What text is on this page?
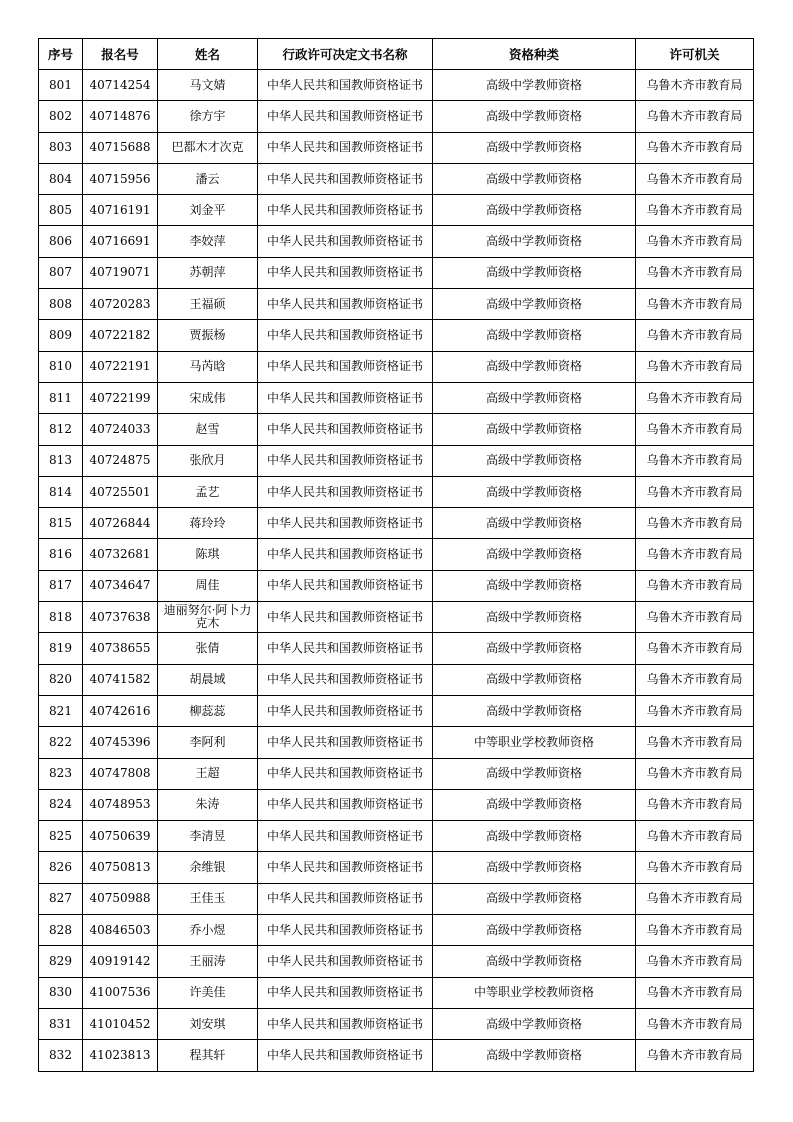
序号	报名号	姓名	行政许可决定文书名称	资格种类	许可机关
801	40714254	马文婧	中华人民共和国教师资格证书	高级中学教师资格	乌鲁木齐市教育局
802	40714876	徐方宇	中华人民共和国教师资格证书	高级中学教师资格	乌鲁木齐市教育局
803	40715688	巴都木才次克	中华人民共和国教师资格证书	高级中学教师资格	乌鲁木齐市教育局
804	40715956	潘云	中华人民共和国教师资格证书	高级中学教师资格	乌鲁木齐市教育局
805	40716191	刘金平	中华人民共和国教师资格证书	高级中学教师资格	乌鲁木齐市教育局
806	40716691	李姣萍	中华人民共和国教师资格证书	高级中学教师资格	乌鲁木齐市教育局
807	40719071	苏朝萍	中华人民共和国教师资格证书	高级中学教师资格	乌鲁木齐市教育局
808	40720283	王福硕	中华人民共和国教师资格证书	高级中学教师资格	乌鲁木齐市教育局
809	40722182	贾振杨	中华人民共和国教师资格证书	高级中学教师资格	乌鲁木齐市教育局
810	40722191	马芮晗	中华人民共和国教师资格证书	高级中学教师资格	乌鲁木齐市教育局
811	40722199	宋成伟	中华人民共和国教师资格证书	高级中学教师资格	乌鲁木齐市教育局
812	40724033	赵雪	中华人民共和国教师资格证书	高级中学教师资格	乌鲁木齐市教育局
813	40724875	张欣月	中华人民共和国教师资格证书	高级中学教师资格	乌鲁木齐市教育局
814	40725501	孟艺	中华人民共和国教师资格证书	高级中学教师资格	乌鲁木齐市教育局
815	40726844	蒋玲玲	中华人民共和国教师资格证书	高级中学教师资格	乌鲁木齐市教育局
816	40732681	陈琪	中华人民共和国教师资格证书	高级中学教师资格	乌鲁木齐市教育局
817	40734647	周佳	中华人民共和国教师资格证书	高级中学教师资格	乌鲁木齐市教育局
818	40737638	迪丽努尔·阿卜力克木	中华人民共和国教师资格证书	高级中学教师资格	乌鲁木齐市教育局
819	40738655	张倩	中华人民共和国教师资格证书	高级中学教师资格	乌鲁木齐市教育局
820	40741582	胡晨域	中华人民共和国教师资格证书	高级中学教师资格	乌鲁木齐市教育局
821	40742616	柳蕊蕊	中华人民共和国教师资格证书	高级中学教师资格	乌鲁木齐市教育局
822	40745396	李阿利	中华人民共和国教师资格证书	中等职业学校教师资格	乌鲁木齐市教育局
823	40747808	王超	中华人民共和国教师资格证书	高级中学教师资格	乌鲁木齐市教育局
824	40748953	朱涛	中华人民共和国教师资格证书	高级中学教师资格	乌鲁木齐市教育局
825	40750639	李清昱	中华人民共和国教师资格证书	高级中学教师资格	乌鲁木齐市教育局
826	40750813	余维银	中华人民共和国教师资格证书	高级中学教师资格	乌鲁木齐市教育局
827	40750988	王佳玉	中华人民共和国教师资格证书	高级中学教师资格	乌鲁木齐市教育局
828	40846503	乔小煜	中华人民共和国教师资格证书	高级中学教师资格	乌鲁木齐市教育局
829	40919142	王丽涛	中华人民共和国教师资格证书	高级中学教师资格	乌鲁木齐市教育局
830	41007536	许美佳	中华人民共和国教师资格证书	中等职业学校教师资格	乌鲁木齐市教育局
831	41010452	刘安琪	中华人民共和国教师资格证书	高级中学教师资格	乌鲁木齐市教育局
832	41023813	程其轩	中华人民共和国教师资格证书	高级中学教师资格	乌鲁木齐市教育局
